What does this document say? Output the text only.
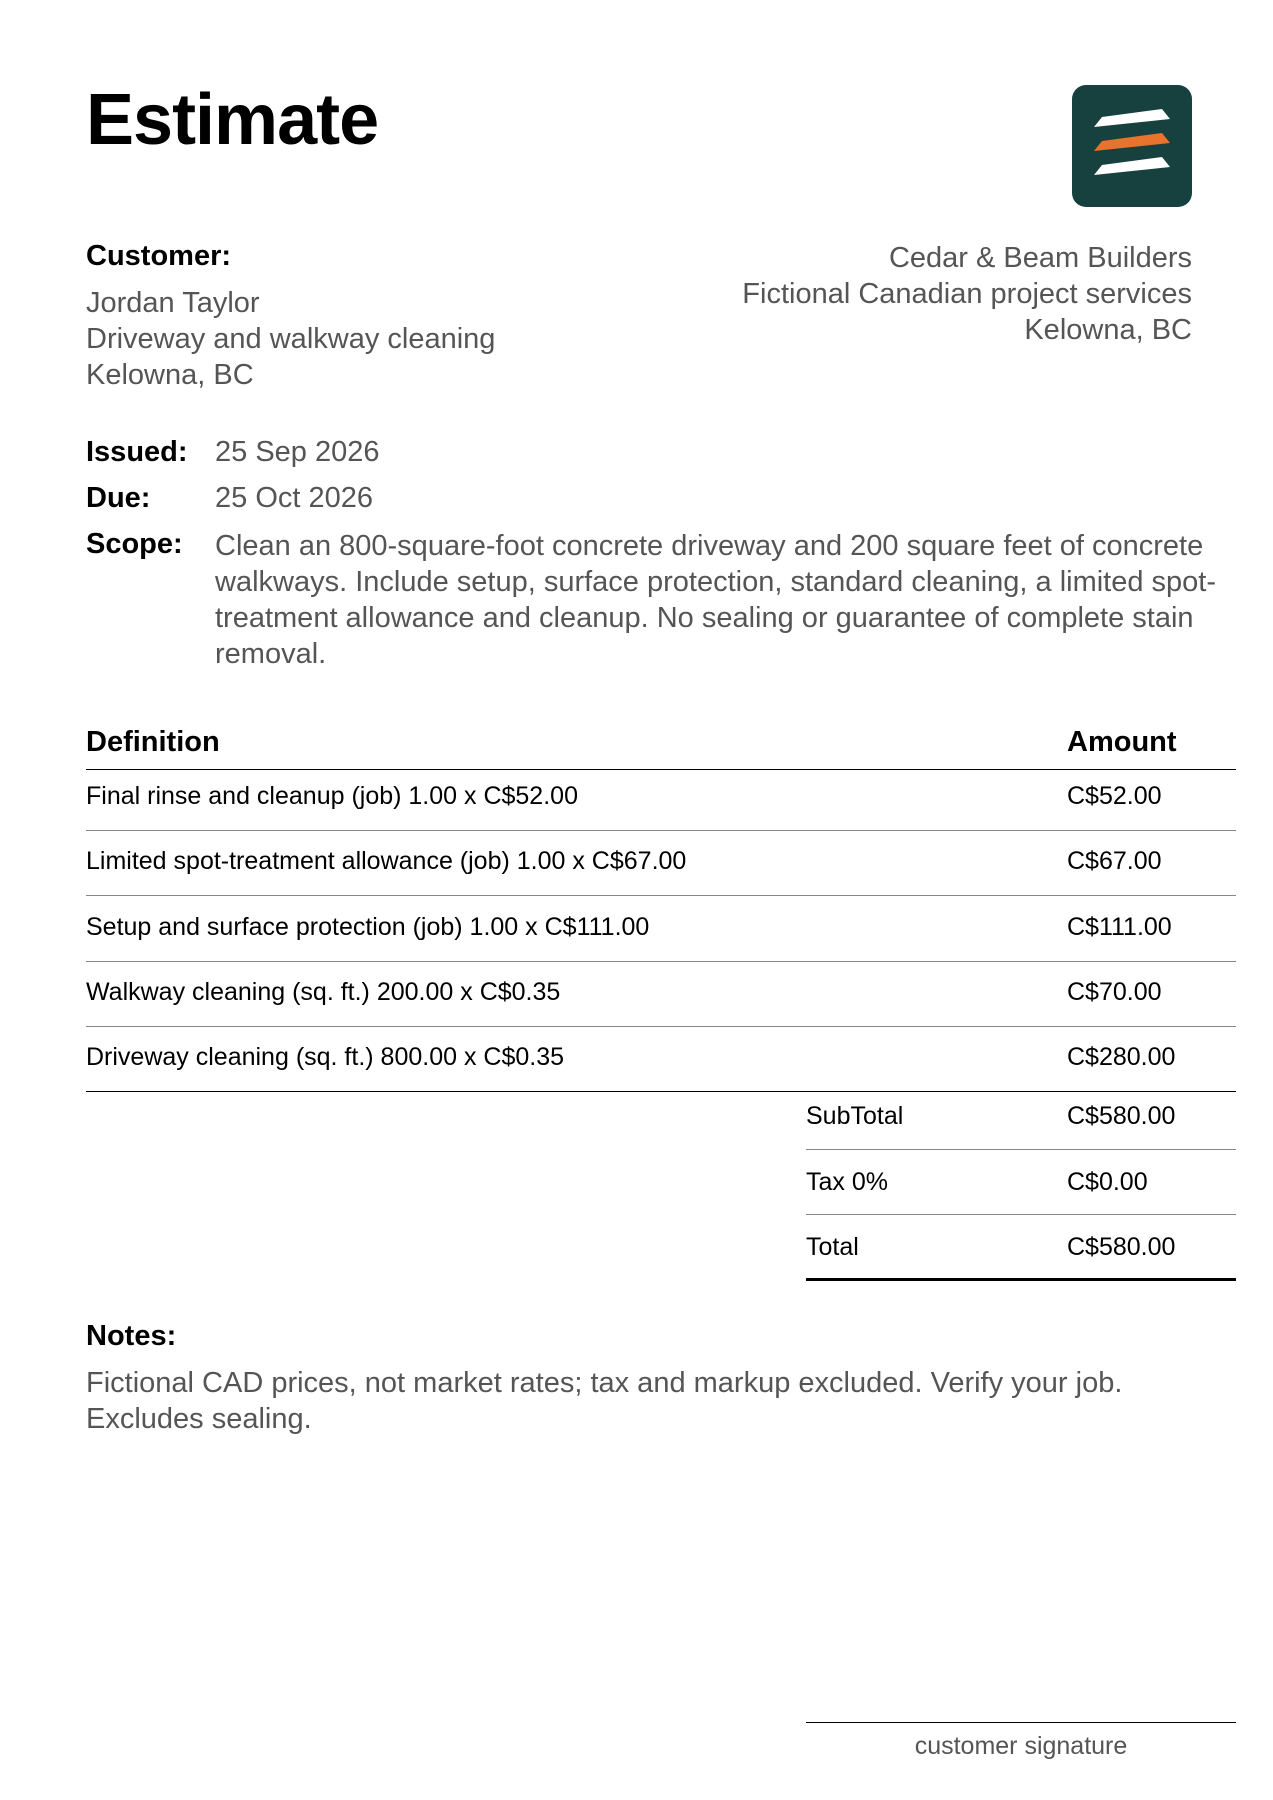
Estimate
Customer:
Jordan Taylor
Driveway and walkway cleaning
Kelowna, BC
Cedar & Beam Builders
Fictional Canadian project services
Kelowna, BC
Issued: 25 Sep 2026
Due: 25 Oct 2026
Scope: Clean an 800-square-foot concrete driveway and 200 square feet of concrete walkways. Include setup, surface protection, standard cleaning, a limited spot-treatment allowance and cleanup. No sealing or guarantee of complete stain removal.
Definition	Amount
Final rinse and cleanup (job) 1.00 x C$52.00	C$52.00
Limited spot-treatment allowance (job) 1.00 x C$67.00	C$67.00
Setup and surface protection (job) 1.00 x C$111.00	C$111.00
Walkway cleaning (sq. ft.) 200.00 x C$0.35	C$70.00
Driveway cleaning (sq. ft.) 800.00 x C$0.35	C$280.00
SubTotal	C$580.00
Tax 0%	C$0.00
Total	C$580.00
Notes:
Fictional CAD prices, not market rates; tax and markup excluded. Verify your job. Excludes sealing.
customer signature
